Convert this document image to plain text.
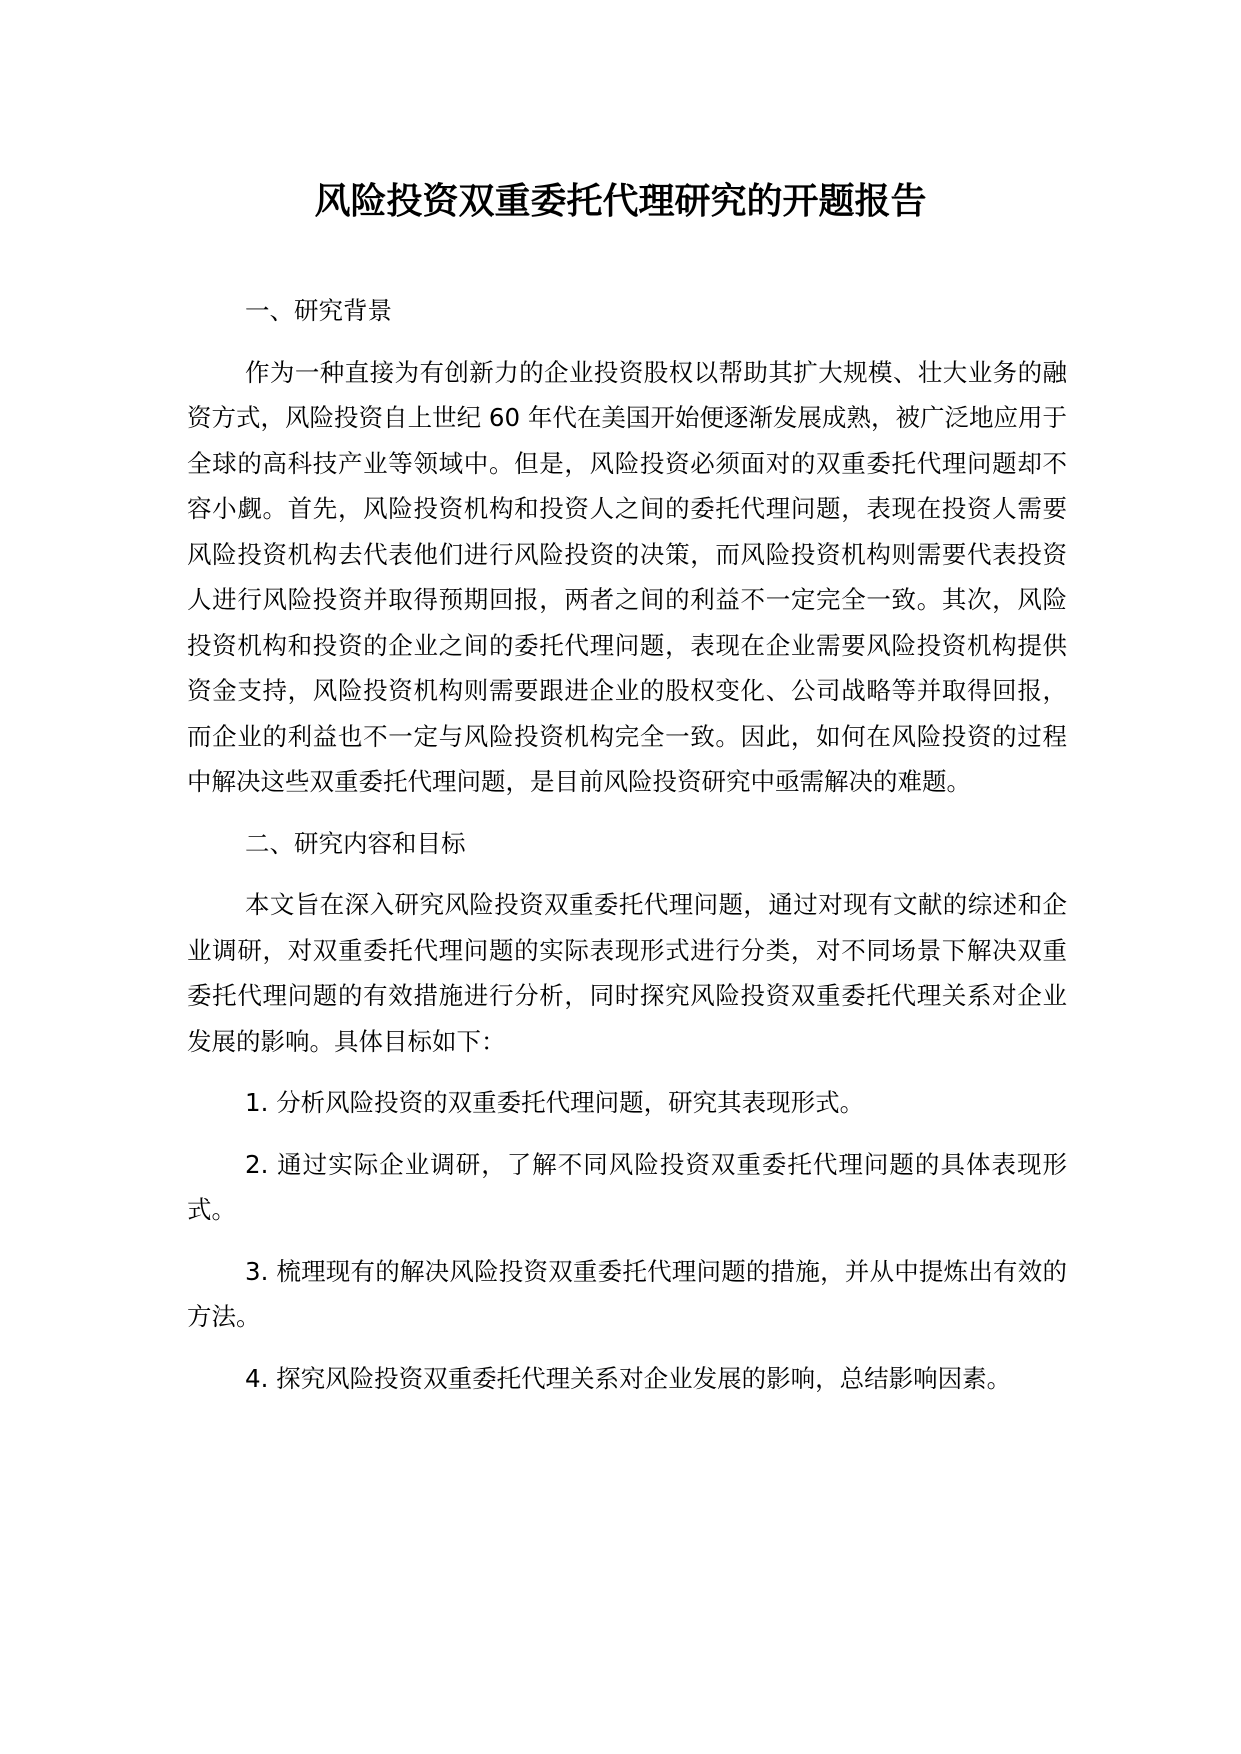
风险投资双重委托代理研究的开题报告

一、研究背景

作为一种直接为有创新力的企业投资股权以帮助其扩大规模、壮大业务的融资方式，风险投资自上世纪 60 年代在美国开始便逐渐发展成熟，被广泛地应用于全球的高科技产业等领域中。但是，风险投资必须面对的双重委托代理问题却不容小觑。首先，风险投资机构和投资人之间的委托代理问题，表现在投资人需要风险投资机构去代表他们进行风险投资的决策，而风险投资机构则需要代表投资人进行风险投资并取得预期回报，两者之间的利益不一定完全一致。其次，风险投资机构和投资的企业之间的委托代理问题，表现在企业需要风险投资机构提供资金支持，风险投资机构则需要跟进企业的股权变化、公司战略等并取得回报，而企业的利益也不一定与风险投资机构完全一致。因此，如何在风险投资的过程中解决这些双重委托代理问题，是目前风险投资研究中亟需解决的难题。

二、研究内容和目标

本文旨在深入研究风险投资双重委托代理问题，通过对现有文献的综述和企业调研，对双重委托代理问题的实际表现形式进行分类，对不同场景下解决双重委托代理问题的有效措施进行分析，同时探究风险投资双重委托代理关系对企业发展的影响。具体目标如下：

1. 分析风险投资的双重委托代理问题，研究其表现形式。

2. 通过实际企业调研，了解不同风险投资双重委托代理问题的具体表现形式。

3. 梳理现有的解决风险投资双重委托代理问题的措施，并从中提炼出有效的方法。

4. 探究风险投资双重委托代理关系对企业发展的影响，总结影响因素。
